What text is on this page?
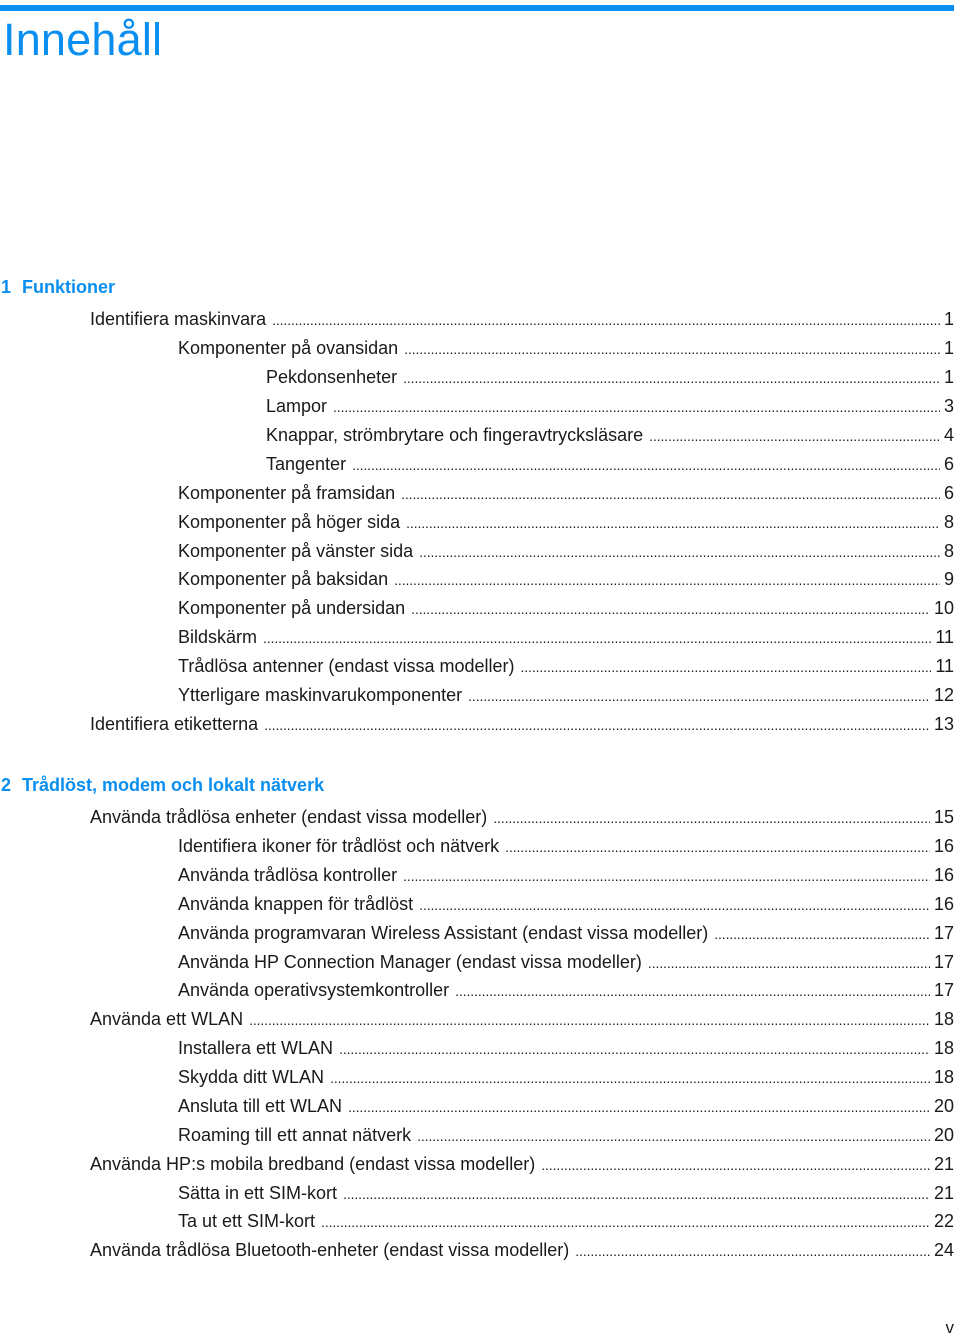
Innehåll
1 Funktioner
Identifiera maskinvara . . .	1
Komponenter på ovansidan . . .	1
Pekdonsenheter . . .	1
Lampor . . .	3
Knappar, strömbrytare och fingeravtrycksläsare . . .	4
Tangenter . . .	6
Komponenter på framsidan . . .	6
Komponenter på höger sida . . .	8
Komponenter på vänster sida . . .	8
Komponenter på baksidan . . .	9
Komponenter på undersidan . . .	10
Bildskärm . . .	11
Trådlösa antenner (endast vissa modeller) . . .	11
Ytterligare maskinvarukomponenter . . .	12
Identifiera etiketterna . . .	13
2 Trådlöst, modem och lokalt nätverk
Använda trådlösa enheter (endast vissa modeller) . . .	15
Identifiera ikoner för trådlöst och nätverk . . .	16
Använda trådlösa kontroller . . .	16
Använda knappen för trådlöst . . .	16
Använda programvaran Wireless Assistant (endast vissa modeller) . . .	17
Använda HP Connection Manager (endast vissa modeller) . . .	17
Använda operativsystemkontroller . . .	17
Använda ett WLAN . . .	18
Installera ett WLAN . . .	18
Skydda ditt WLAN . . .	18
Ansluta till ett WLAN . . .	20
Roaming till ett annat nätverk . . .	20
Använda HP:s mobila bredband (endast vissa modeller) . . .	21
Sätta in ett SIM-kort . . .	21
Ta ut ett SIM-kort . . .	22
Använda trådlösa Bluetooth-enheter (endast vissa modeller) . . .	24
v
